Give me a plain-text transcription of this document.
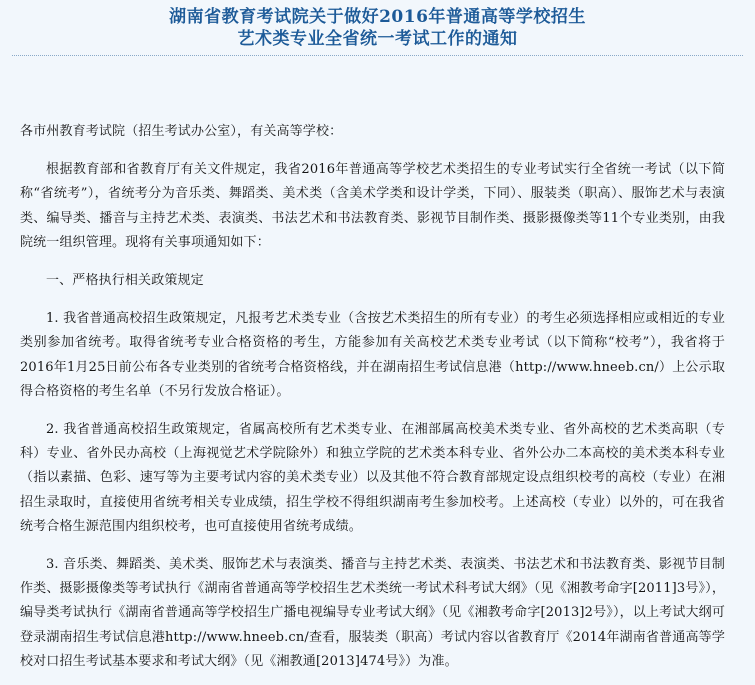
湖南省教育考试院关于做好2016年普通高等学校招生
艺术类专业全省统一考试工作的通知
各市州教育考试院（招生考试办公室），有关高等学校：
根据教育部和省教育厅有关文件规定，我省2016年普通高等学校艺术类招生的专业考试实行全省统一考试（以下简称“省统考”），省统考分为音乐类、舞蹈类、美术类（含美术学类和设计学类，下同）、服装类（职高）、服饰艺术与表演类、编导类、播音与主持艺术类、表演类、书法艺术和书法教育类、影视节目制作类、摄影摄像类等11个专业类别，由我院统一组织管理。现将有关事项通知如下：
一、严格执行相关政策规定
1. 我省普通高校招生政策规定，凡报考艺术类专业（含按艺术类招生的所有专业）的考生必须选择相应或相近的专业类别参加省统考。取得省统考专业合格资格的考生，方能参加有关高校艺术类专业考试（以下简称“校考”），我省将于2016年1月25日前公布各专业类别的省统考合格资格线，并在湖南招生考试信息港（http://www.hneeb.cn/）上公示取得合格资格的考生名单（不另行发放合格证）。
2. 我省普通高校招生政策规定，省属高校所有艺术类专业、在湘部属高校美术类专业、省外高校的艺术类高职（专科）专业、省外民办高校（上海视觉艺术学院除外）和独立学院的艺术类本科专业、省外公办二本高校的美术类本科专业（指以素描、色彩、速写等为主要考试内容的美术类专业）以及其他不符合教育部规定设点组织校考的高校（专业）在湘招生录取时，直接使用省统考相关专业成绩，招生学校不得组织湖南考生参加校考。上述高校（专业）以外的，可在我省统考合格生源范围内组织校考，也可直接使用省统考成绩。
3. 音乐类、舞蹈类、美术类、服饰艺术与表演类、播音与主持艺术类、表演类、书法艺术和书法教育类、影视节目制作类、摄影摄像类等考试执行《湖南省普通高等学校招生艺术类统一考试术科考试大纲》（见《湘教考命字[2011]3号》），编导类考试执行《湖南省普通高等学校招生广播电视编导专业考试大纲》（见《湘教考命字[2013]2号》），以上考试大纲可登录湖南招生考试信息港http://www.hneeb.cn/查看，服装类（职高）考试内容以省教育厅《2014年湖南省普通高等学校对口招生考试基本要求和考试大纲》（见《湘教通[2013]474号》）为准。
